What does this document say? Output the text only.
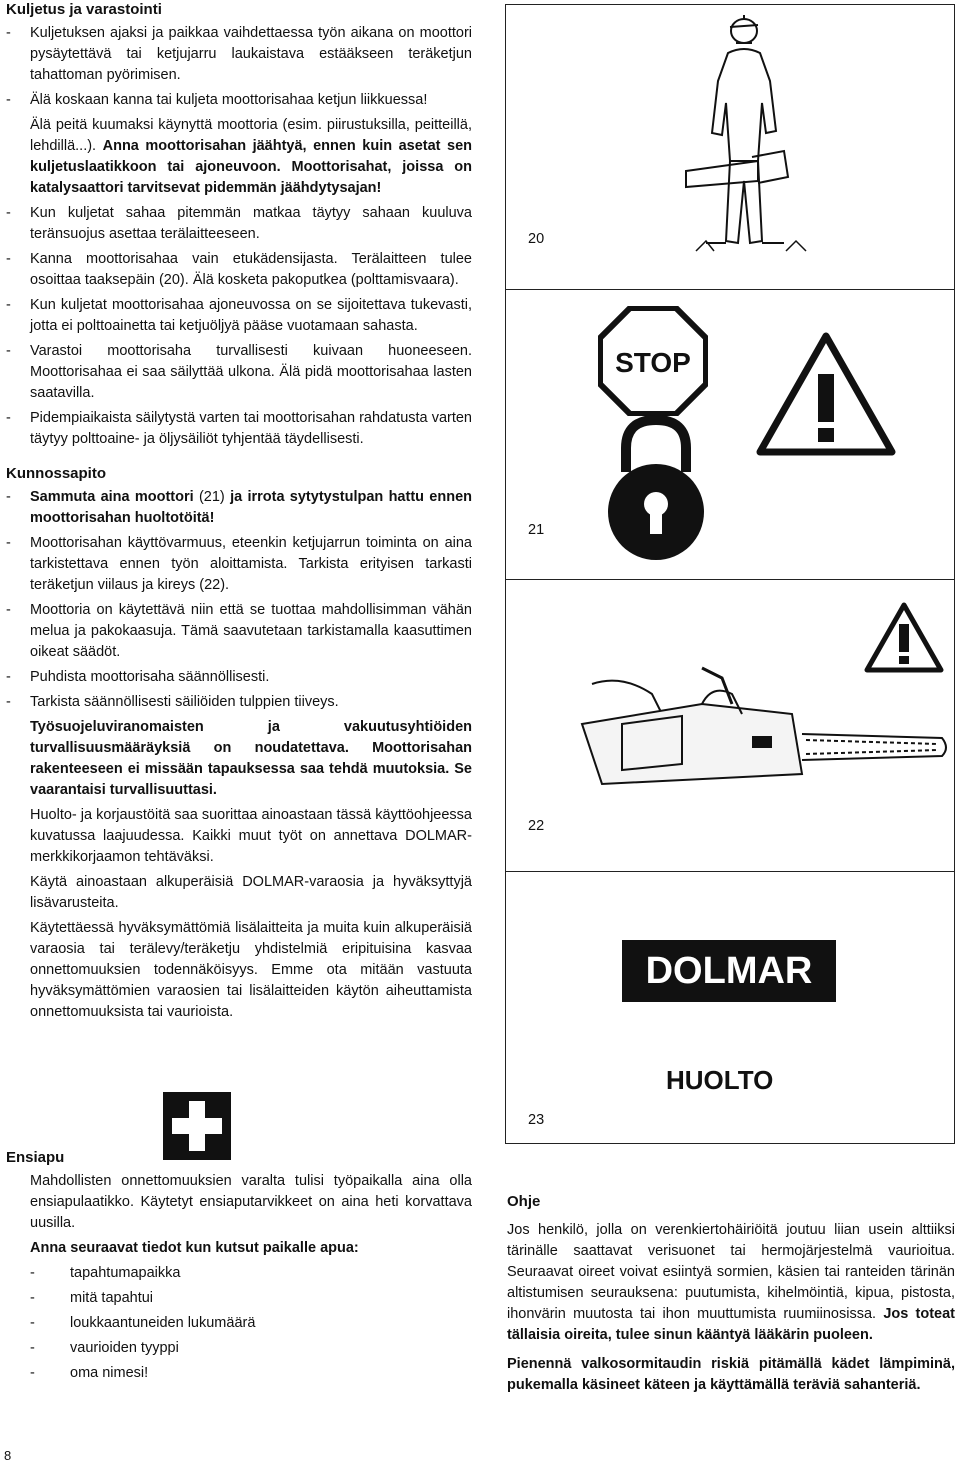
Kuljetus ja varastointi
- Kuljetuksen ajaksi ja paikkaa vaihdettaessa työn aikana on moottori pysäytettävä tai ketjujarru laukaistava estääkseen teräketjun tahattoman pyörimisen.
- Älä koskaan kanna tai kuljeta moottorisahaa ketjun liikkuessa!
Älä peitä kuumaksi käynyttä moottoria (esim. piirustuksilla, peitteillä, lehdillä...). Anna moottorisahan jäähtyä, ennen kuin asetat sen kuljetuslaatikkoon tai ajoneuvoon. Moottorisahat, joissa on katalysaattori tarvitsevat pidemmän jäähdytysajan!
- Kun kuljetat sahaa pitemmän matkaa täytyy sahaan kuuluva teränsuojus asettaa terälaitteeseen.
- Kanna moottorisahaa vain etukädensijasta. Terälaitteen tulee osoittaa taaksepäin (20). Älä kosketa pakoputkea (polttamisvaara).
- Kun kuljetat moottorisahaa ajoneuvossa on se sijoitettava tukevasti, jotta ei polttoainetta tai ketjuöljyä pääse vuotamaan sahasta.
- Varastoi moottorisaha turvallisesti kuivaan huoneeseen. Moottorisahaa ei saa säilyttää ulkona. Älä pidä moottorisahaa lasten saatavilla.
- Pidempiaikaista säilytystä varten tai moottorisahan rahdatusta varten täytyy polttoaine- ja öljysäiliöt tyhjentää täydellisesti.
Kunnossapito
- Sammuta aina moottori (21) ja irrota sytytystulpan hattu ennen moottorisahan huoltotöitä!
- Moottorisahan käyttövarmuus, eteenkin ketjujarrun toiminta on aina tarkistettava ennen työn aloittamista. Tarkista erityisen tarkasti teräketjun viilaus ja kireys (22).
- Moottoria on käytettävä niin että se tuottaa mahdollisimman vähän melua ja pakokaasuja. Tämä saavutetaan tarkistamalla kaasuttimen oikeat säädöt.
- Puhdista moottorisaha säännöllisesti.
- Tarkista säännöllisesti säiliöiden tulppien tiiveys.
Työsuojeluviranomaisten ja vakuutusyhtiöiden turvallisuusmääräyksiä on noudatettava. Moottorisahan rakenteeseen ei missään tapauksessa saa tehdä muutoksia. Se vaarantaisi turvallisuuttasi.
Huolto- ja korjaustöitä saa suorittaa ainoastaan tässä käyttöohjeessa kuvatussa laajuudessa. Kaikki muut työt on annettava DOLMAR-merkkikorjaamon tehtäväksi.
Käytä ainoastaan alkuperäisiä DOLMAR-varaosia ja hyväksyttyjä lisävarusteita.
Käytettäessä hyväksymättömiä lisälaitteita ja muita kuin alkuperäisiä varaosia tai terälevy/teräketju yhdistelmiä eripituisina kasvaa onnettomuuksien todennäköisyys. Emme ota mitään vastuuta hyväksymättömien varaosien tai lisälaitteiden käytön aiheuttamista onnettomuuksista tai vaurioista.
Ensiapu
Mahdollisten onnettomuuksien varalta tulisi työpaikalla aina olla ensiapulaatikko. Käytetyt ensiaputarvikkeet on aina heti korvattava uusilla.
Anna seuraavat tiedot kun kutsut paikalle apua:
- tapahtumapaikka
- mitä tapahtui
- loukkaantuneiden lukumäärä
- vaurioiden tyyppi
- oma nimesi!
20
21
STOP
22
23
DOLMAR
HUOLTO
Ohje
Jos henkilö, jolla on verenkiertohäiriöitä joutuu liian usein alttiiksi tärinälle saattavat verisuonet tai hermojärjestelmä vaurioitua. Seuraavat oireet voivat esiintyä sormien, käsien tai ranteiden tärinän altistumisen seurauksena: puutumista, kihelmöintiä, kipua, pistosta, ihonvärin muutosta tai ihon muuttumista ruumiinosissa. Jos toteat tällaisia oireita, tulee sinun kääntyä lääkärin puoleen.
Pienennä valkosormitaudin riskiä pitämällä kädet lämpiminä, pukemalla käsineet käteen ja käyttämällä teräviä sahanteriä.
8
